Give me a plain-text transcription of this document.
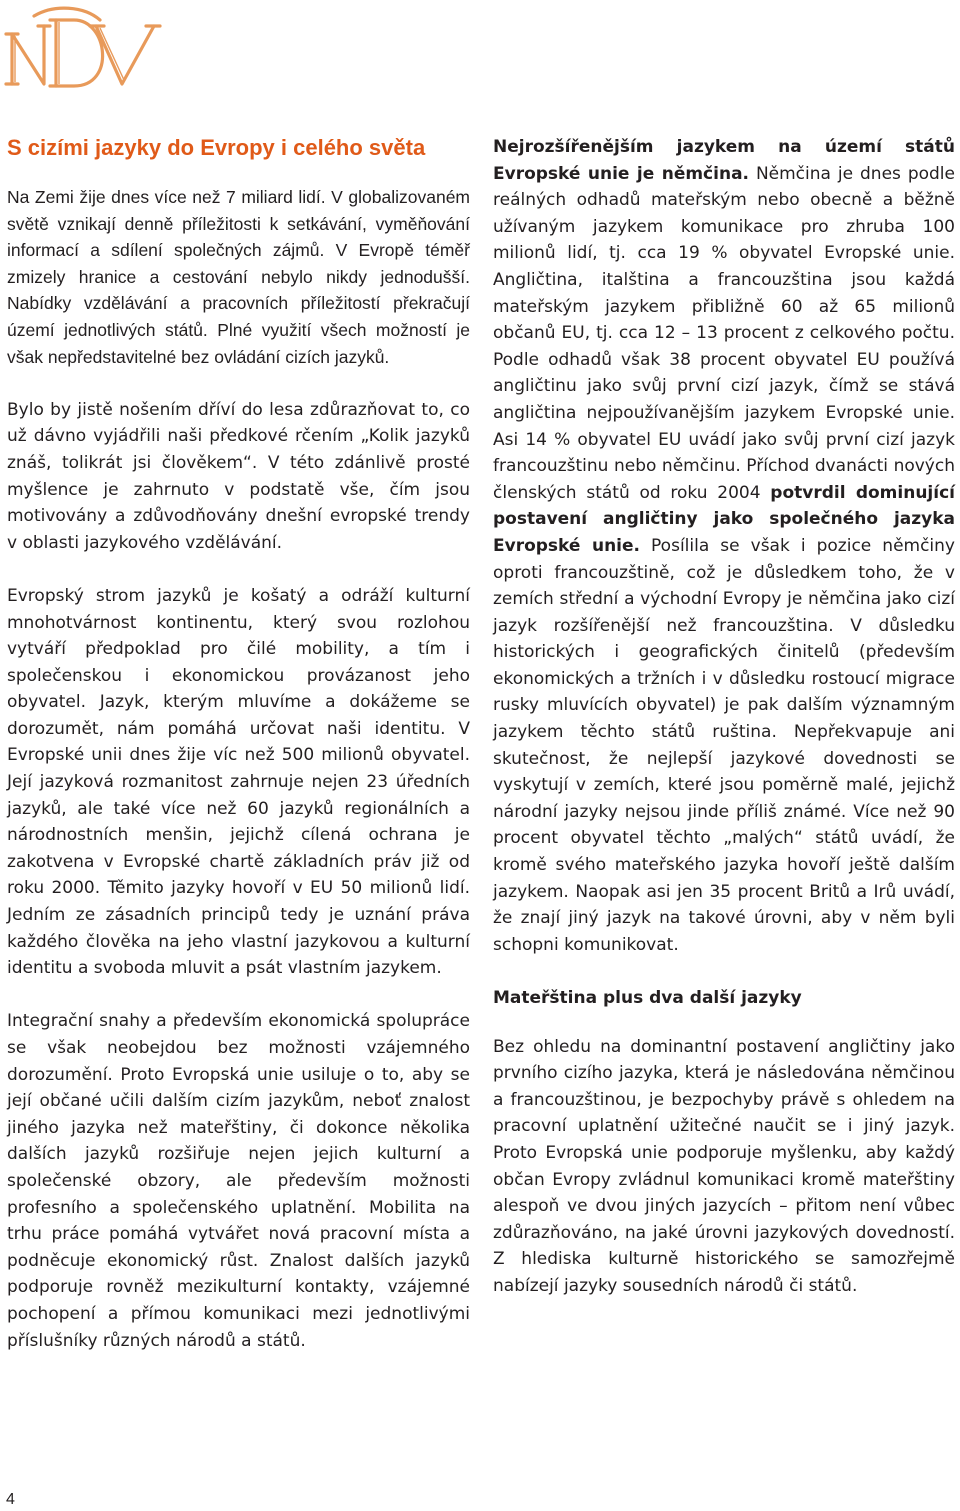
S cizími jazyky do Evropy i celého světa

Na Zemi žije dnes více než 7 miliard lidí. V globalizovaném světě vznikají denně příležitosti k setkávání, vyměňování informací a sdílení společných zájmů. V Evropě téměř zmizely hranice a cestování nebylo nikdy jednodušší. Nabídky vzdělávání a pracovních příležitostí překračují území jednotlivých států. Plné využití všech možností je však nepředstavitelné bez ovládání cizích jazyků.

Bylo by jistě nošením dříví do lesa zdůrazňovat to, co už dávno vyjádřili naši předkové rčením „Kolik jazyků znáš, tolikrát jsi člověkem“. V této zdánlivě prosté myšlence je zahrnuto v podstatě vše, čím jsou motivovány a zdůvodňovány dnešní evropské trendy v oblasti jazykového vzdělávání.

Evropský strom jazyků je košatý a odráží kulturní mnohotvárnost kontinentu, který svou rozlohou vytváří předpoklad pro čilé mobility, a tím i společenskou i ekonomickou provázanost jeho obyvatel. Jazyk, kterým mluvíme a dokážeme se dorozumět, nám pomáhá určovat naši identitu. V Evropské unii dnes žije víc než 500 milionů obyvatel. Její jazyková rozmanitost zahrnuje nejen 23 úředních jazyků, ale také více než 60 jazyků regionálních a národnostních menšin, jejichž cílená ochrana je zakotvena v Evropské chartě základních práv již od roku 2000. Těmito jazyky hovoří v EU 50 milionů lidí. Jedním ze zásadních principů tedy je uznání práva každého člověka na jeho vlastní jazykovou a kulturní identitu a svoboda mluvit a psát vlastním jazykem.

Integrační snahy a především ekonomická spolupráce se však neobejdou bez možnosti vzájemného dorozumění. Proto Evropská unie usiluje o to, aby se její občané učili dalším cizím jazykům, neboť znalost jiného jazyka než mateřštiny, či dokonce několika dalších jazyků rozšiřuje nejen jejich kulturní a společenské obzory, ale především možnosti profesního a společenského uplatnění. Mobilita na trhu práce pomáhá vytvářet nová pracovní místa a podněcuje ekonomický růst. Znalost dalších jazyků podporuje rovněž mezikulturní kontakty, vzájemné pochopení a přímou komunikaci mezi jednotlivými příslušníky různých národů a států.

Nejrozšířenějším jazykem na území států Evropské unie je němčina. Němčina je dnes podle reálných odhadů mateřským nebo obecně a běžně užívaným jazykem komunikace pro zhruba 100 milionů lidí, tj. cca 19 % obyvatel Evropské unie. Angličtina, italština a francouzština jsou každá mateřským jazykem přibližně 60 až 65 milionů občanů EU, tj. cca 12 – 13 procent z celkového počtu. Podle odhadů však 38 procent obyvatel EU používá angličtinu jako svůj první cizí jazyk, čímž se stává angličtina nejpoužívanějším jazykem Evropské unie. Asi 14 % obyvatel EU uvádí jako svůj první cizí jazyk francouzštinu nebo němčinu. Příchod dvanácti nových členských států od roku 2004 potvrdil dominující postavení angličtiny jako společného jazyka Evropské unie. Posílila se však i pozice němčiny oproti francouzštině, což je důsledkem toho, že v zemích střední a východní Evropy je němčina jako cizí jazyk rozšířenější než francouzština. V důsledku historických i geografických činitelů (především ekonomických a tržních i v důsledku rostoucí migrace rusky mluvících obyvatel) je pak dalším významným jazykem těchto států ruština. Nepřekvapuje ani skutečnost, že nejlepší jazykové dovednosti se vyskytují v zemích, které jsou poměrně malé, jejichž národní jazyky nejsou jinde příliš známé. Více než 90 procent obyvatel těchto „malých“ států uvádí, že kromě svého mateřského jazyka hovoří ještě dalším jazykem. Naopak asi jen 35 procent Britů a Irů uvádí, že znají jiný jazyk na takové úrovni, aby v něm byli schopni komunikovat.

Mateřština plus dva další jazyky

Bez ohledu na dominantní postavení angličtiny jako prvního cizího jazyka, která je následována němčinou a francouzštinou, je bezpochyby právě s ohledem na pracovní uplatnění užitečné naučit se i jiný jazyk. Proto Evropská unie podporuje myšlenku, aby každý občan Evropy zvládnul komunikaci kromě mateřštiny alespoň ve dvou jiných jazycích – přitom není vůbec zdůrazňováno, na jaké úrovni jazykových dovedností. Z hlediska kulturně historického se samozřejmě nabízejí jazyky sousedních národů či států.

4
